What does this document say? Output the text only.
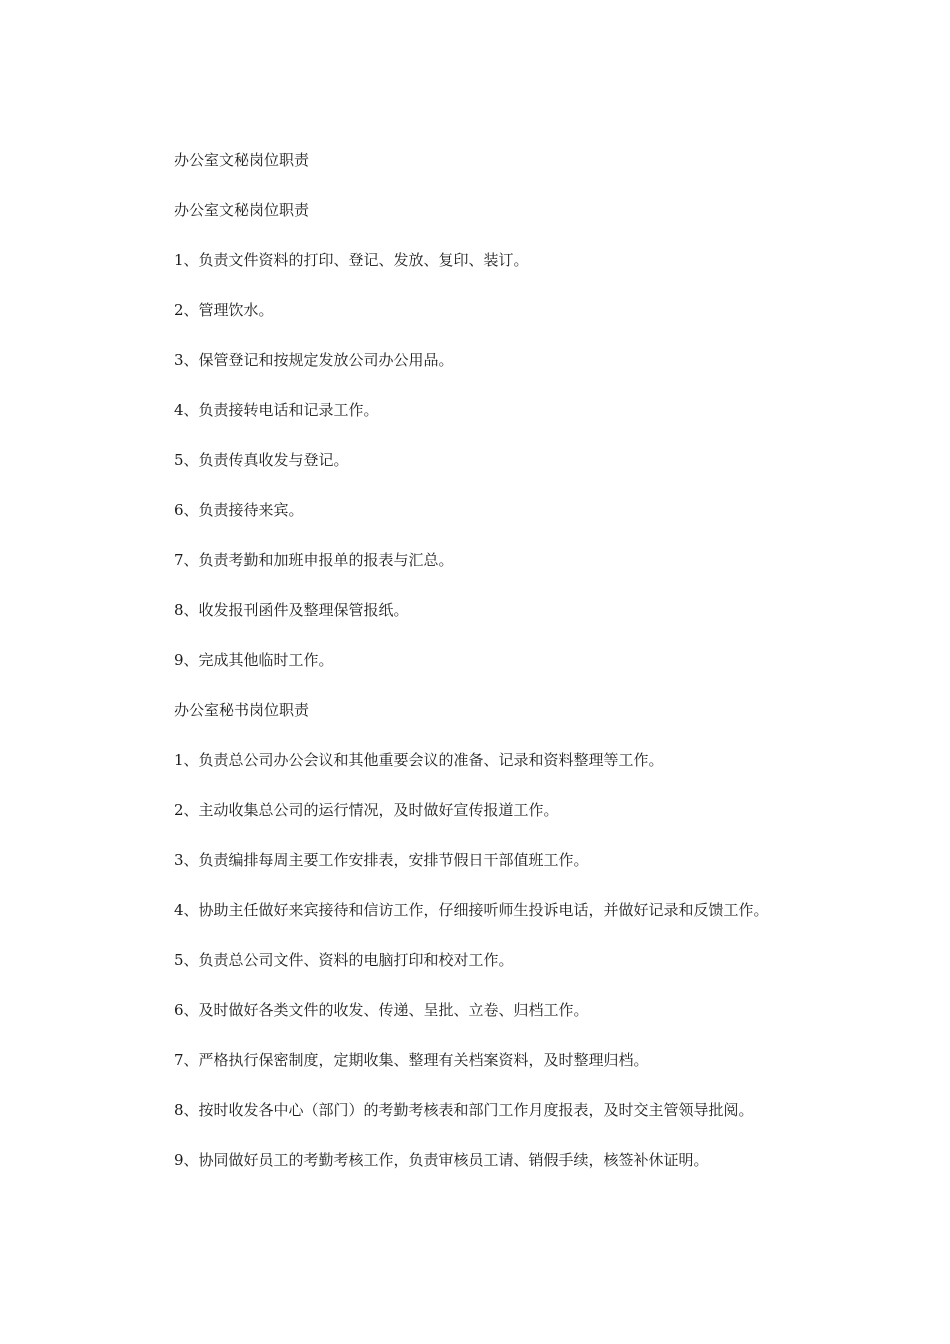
办公室文秘岗位职责

办公室文秘岗位职责

1、负责文件资料的打印、登记、发放、复印、装订。

2、管理饮水。

3、保管登记和按规定发放公司办公用品。

4、负责接转电话和记录工作。

5、负责传真收发与登记。

6、负责接待来宾。

7、负责考勤和加班申报单的报表与汇总。

8、收发报刊函件及整理保管报纸。

9、完成其他临时工作。

办公室秘书岗位职责

1、负责总公司办公会议和其他重要会议的准备、记录和资料整理等工作。

2、主动收集总公司的运行情况，及时做好宣传报道工作。

3、负责编排每周主要工作安排表，安排节假日干部值班工作。

4、协助主任做好来宾接待和信访工作，仔细接听师生投诉电话，并做好记录和反馈工作。

5、负责总公司文件、资料的电脑打印和校对工作。

6、及时做好各类文件的收发、传递、呈批、立卷、归档工作。

7、严格执行保密制度，定期收集、整理有关档案资料，及时整理归档。

8、按时收发各中心（部门）的考勤考核表和部门工作月度报表，及时交主管领导批阅。

9、协同做好员工的考勤考核工作，负责审核员工请、销假手续，核签补休证明。
